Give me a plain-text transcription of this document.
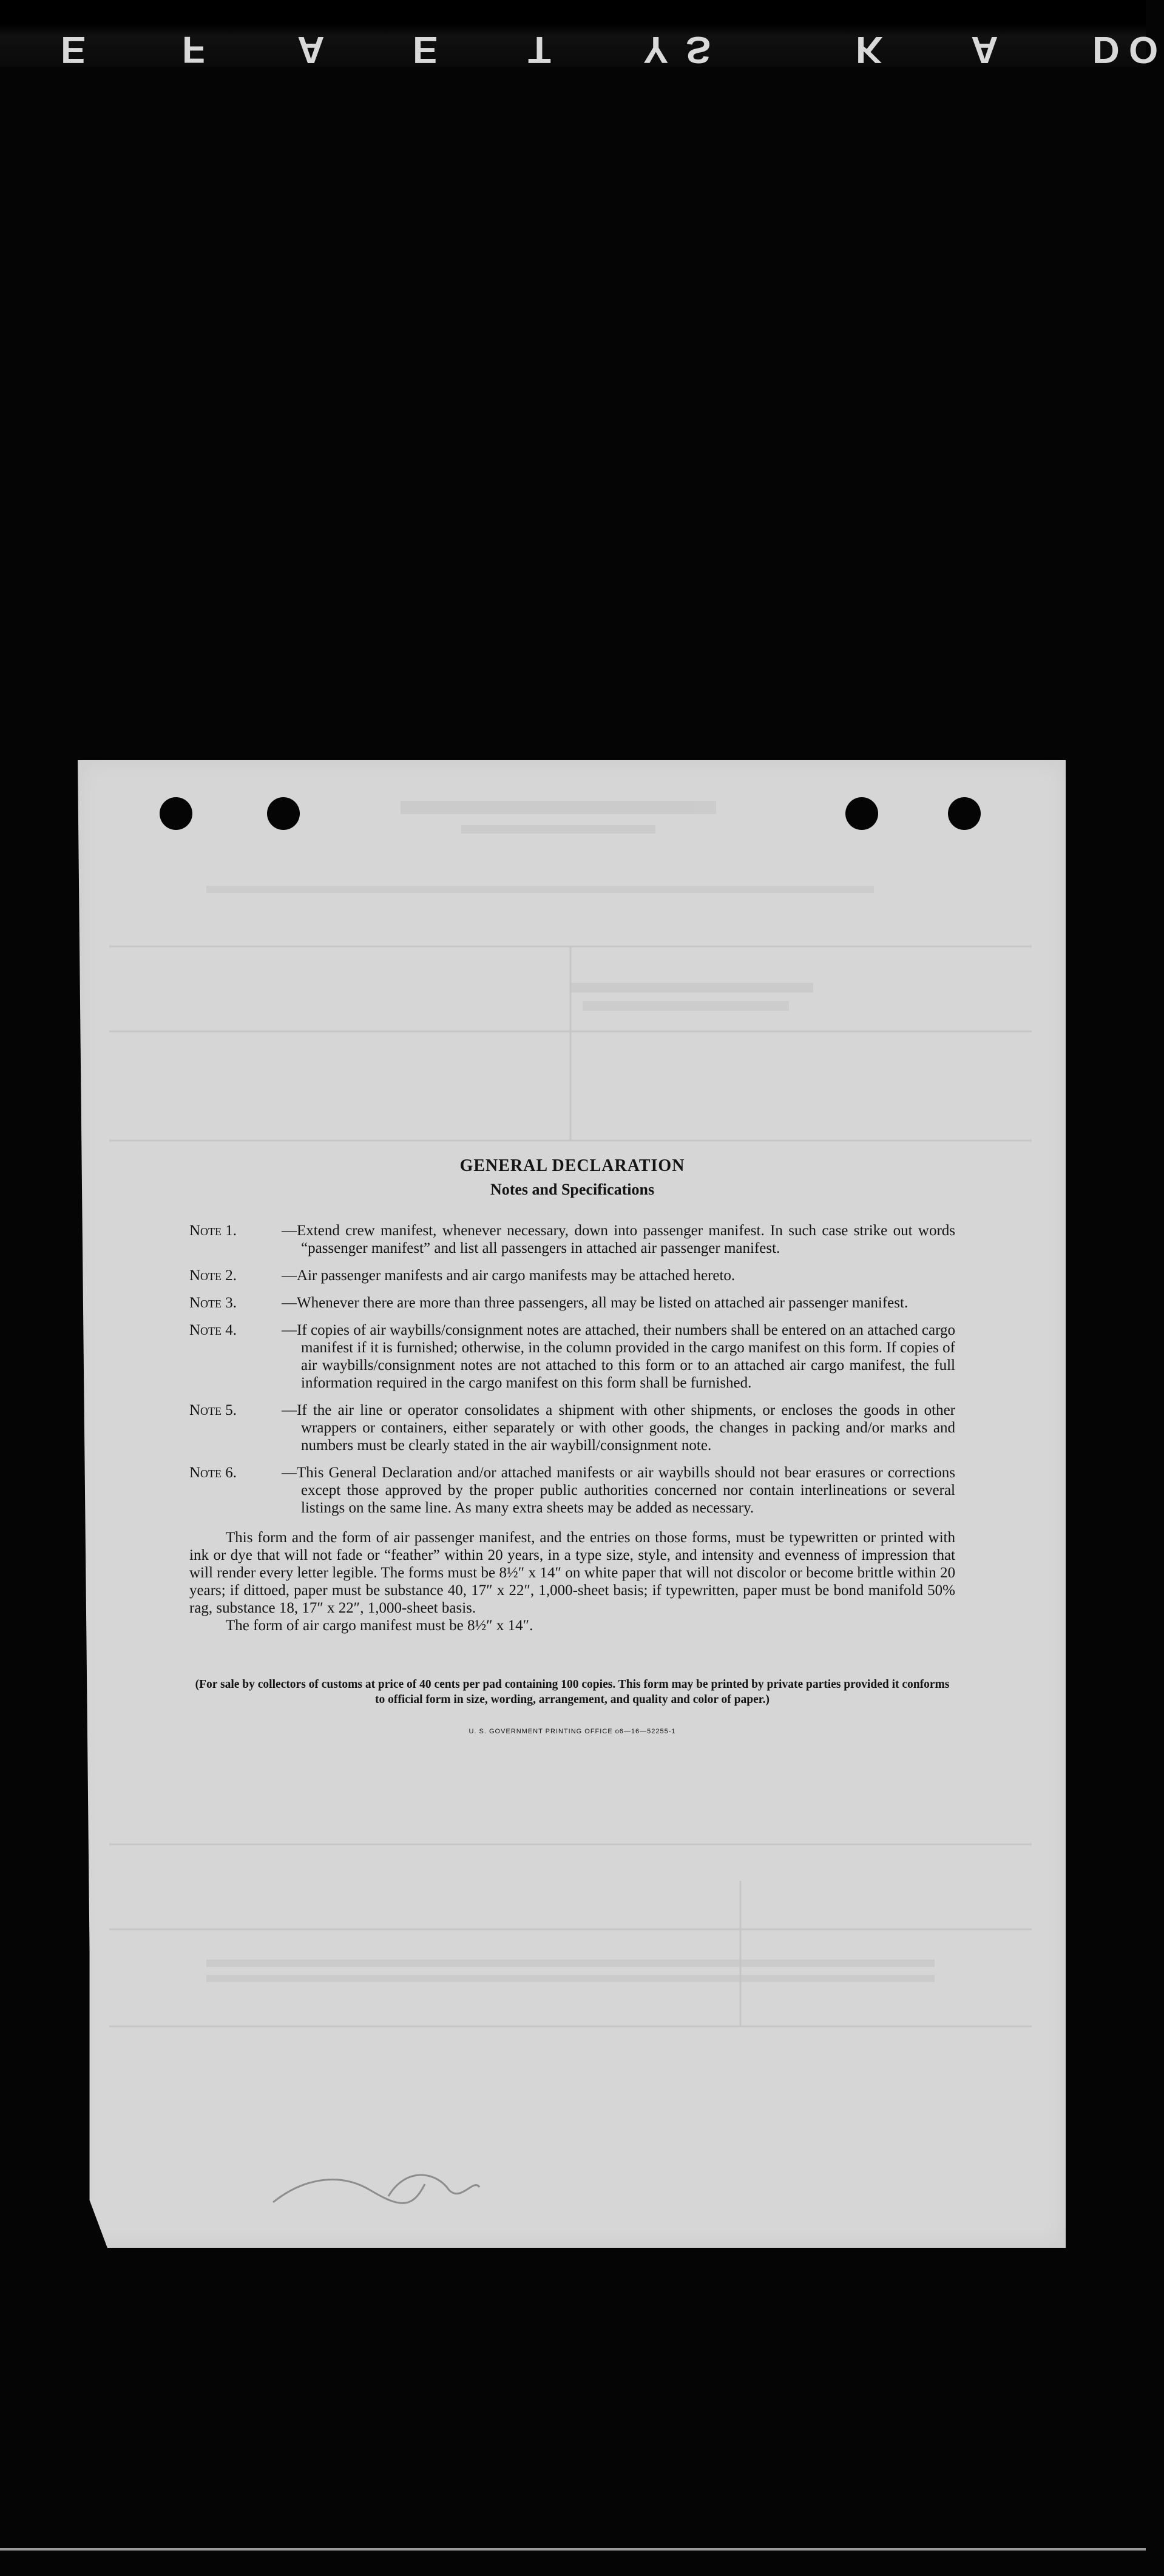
E F A E T Y S	K A D O
GENERAL DECLARATION
Notes and Specifications
Note 1.	—Extend crew manifest, whenever necessary, down into passenger manifest. In such case strike out words “passenger manifest” and list all passengers in attached air passenger manifest.
Note 2.	—Air passenger manifests and air cargo manifests may be attached hereto.
Note 3.	—Whenever there are more than three passengers, all may be listed on attached air passenger manifest.
Note 4.	—If copies of air waybills/consignment notes are attached, their numbers shall be entered on an attached cargo manifest if it is furnished; otherwise, in the column provided in the cargo manifest on this form. If copies of air waybills/consignment notes are not attached to this form or to an attached air cargo manifest, the full information required in the cargo manifest on this form shall be furnished.
Note 5.	—If the air line or operator consolidates a shipment with other shipments, or encloses the goods in other wrappers or containers, either separately or with other goods, the changes in packing and/or marks and numbers must be clearly stated in the air waybill/consignment note.
Note 6.	—This General Declaration and/or attached manifests or air waybills should not bear erasures or corrections except those approved by the proper public authorities concerned nor contain interlineations or several listings on the same line. As many extra sheets may be added as necessary.
This form and the form of air passenger manifest, and the entries on those forms, must be typewritten or printed with ink or dye that will not fade or “feather” within 20 years, in a type size, style, and intensity and evenness of impression that will render every letter legible. The forms must be 8½″ x 14″ on white paper that will not discolor or become brittle within 20 years; if dittoed, paper must be substance 40, 17″ x 22″, 1,000-sheet basis; if typewritten, paper must be bond manifold 50% rag, substance 18, 17″ x 22″, 1,000-sheet basis.
The form of air cargo manifest must be 8½″ x 14″.
(For sale by collectors of customs at price of 40 cents per pad containing 100 copies. This form may be printed by private parties provided it conforms to official form in size, wording, arrangement, and quality and color of paper.)
U. S. GOVERNMENT PRINTING OFFICE o6—16—52255-1
